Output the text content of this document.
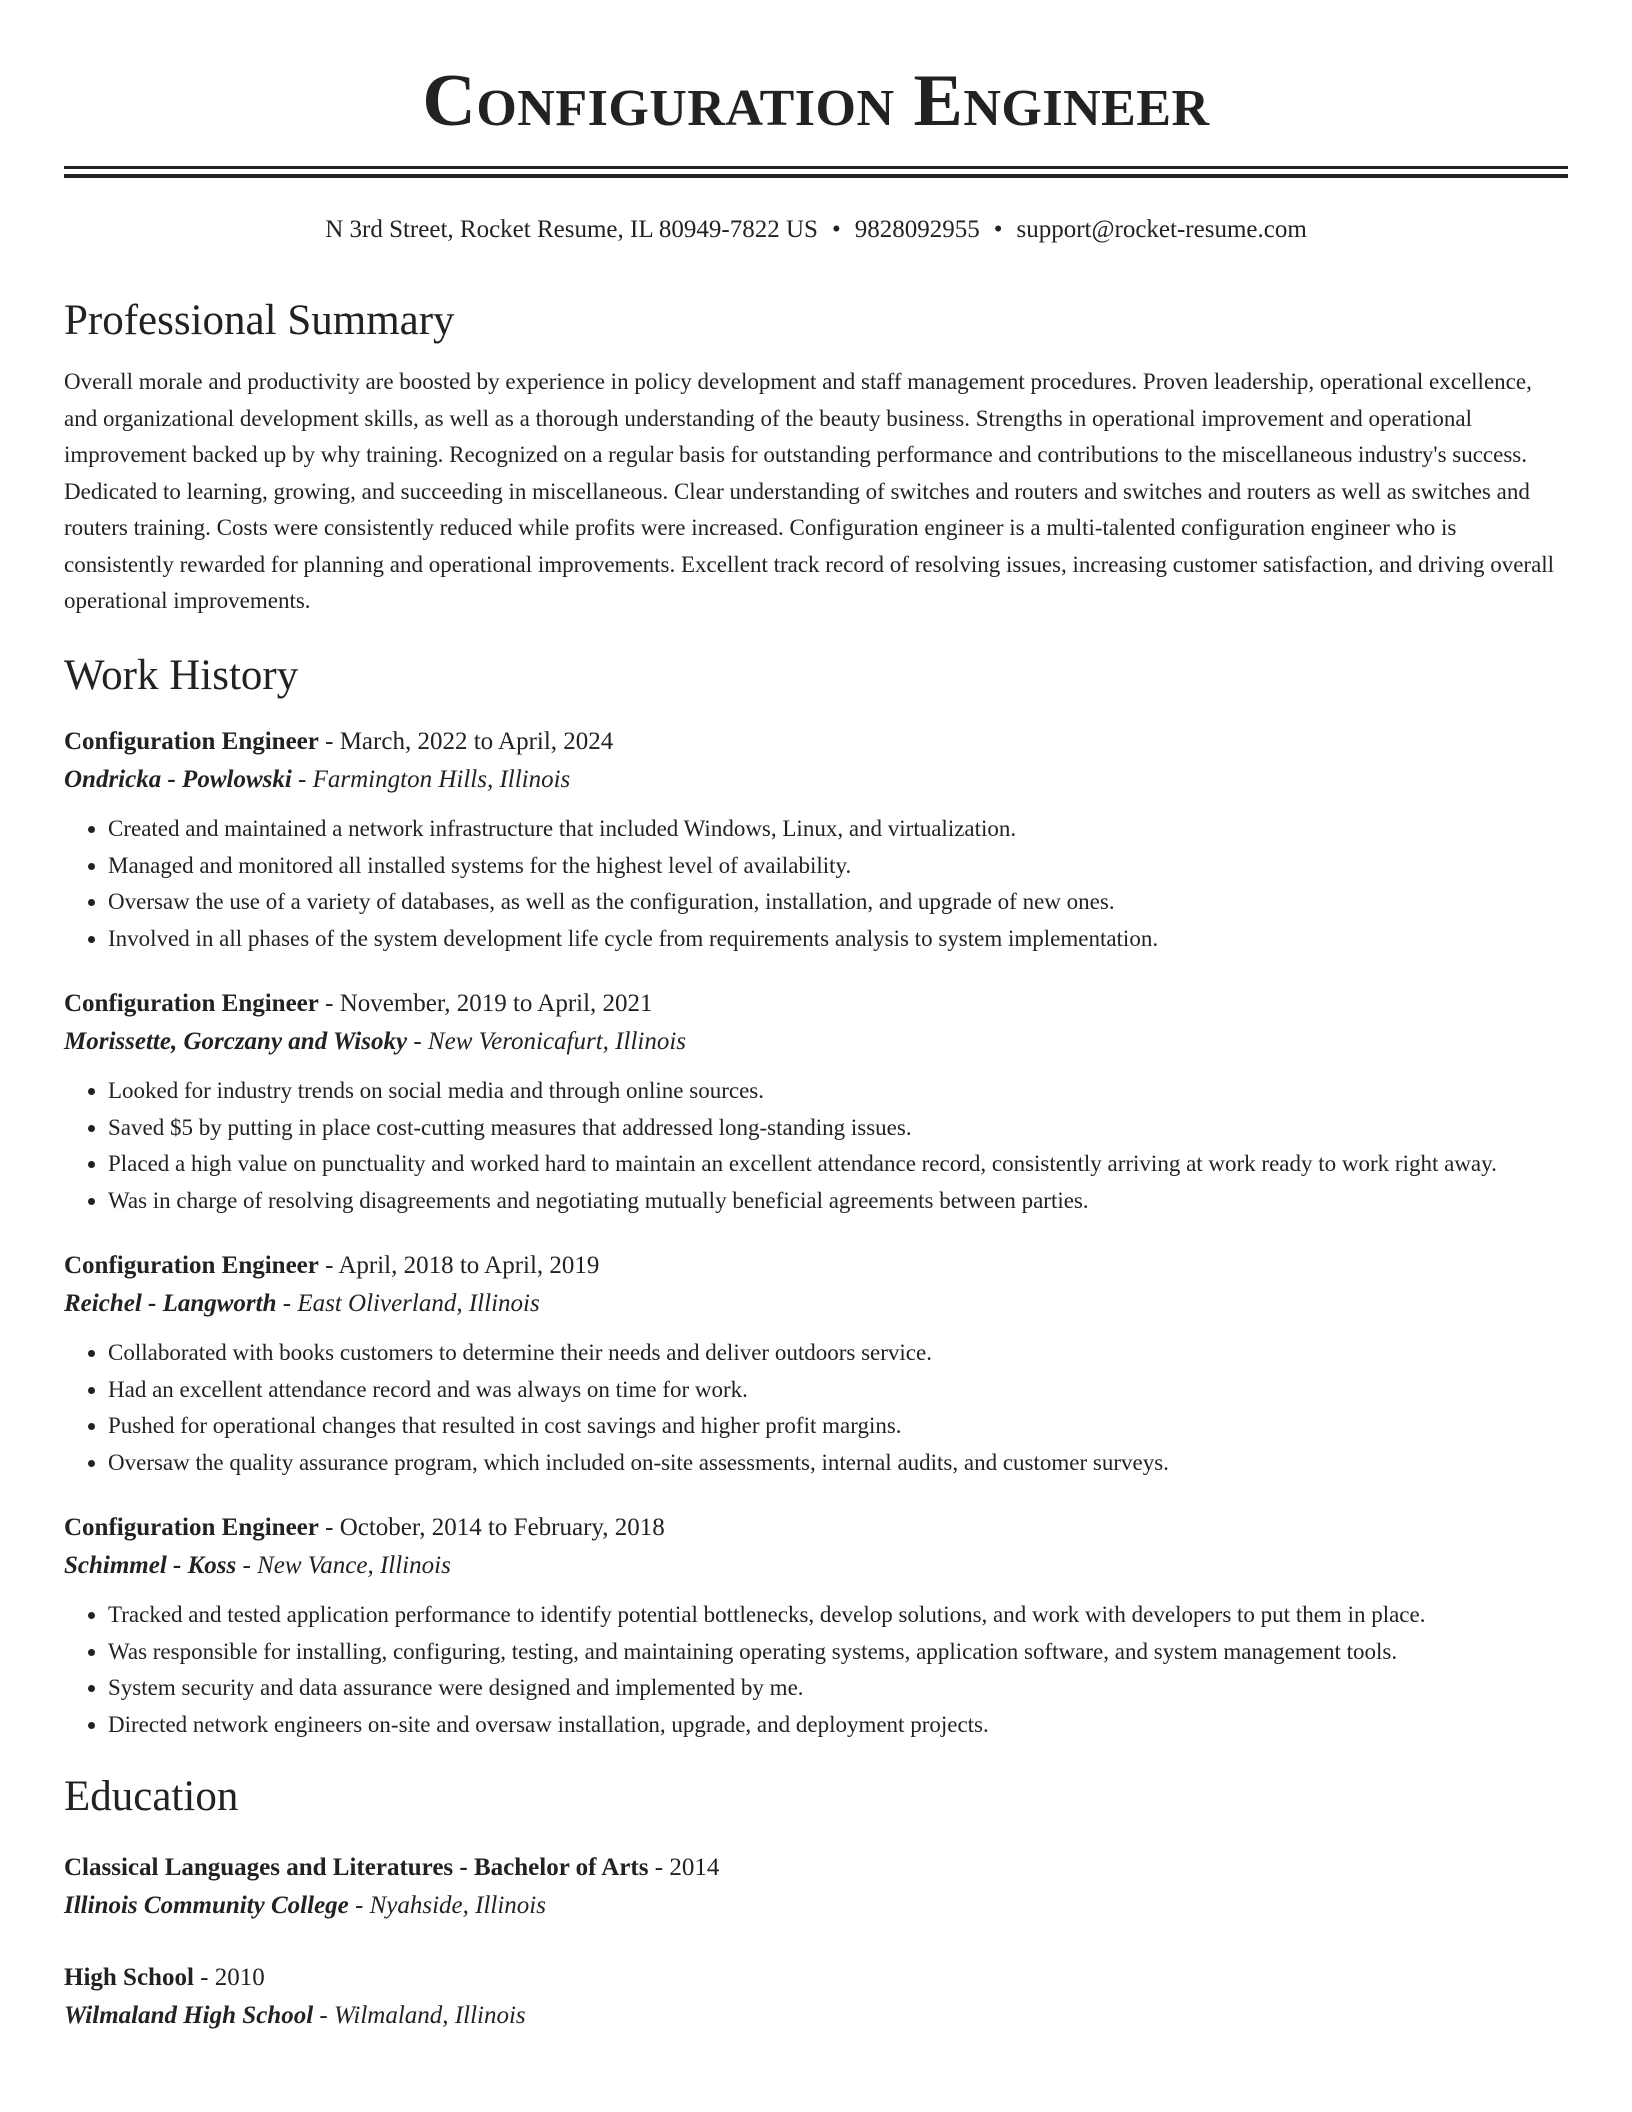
Configuration Engineer
N 3rd Street, Rocket Resume, IL 80949-7822 US • 9828092955 • support@rocket-resume.com
Professional Summary

Overall morale and productivity are boosted by experience in policy development and staff management procedures. Proven leadership, operational excellence, and organizational development skills, as well as a thorough understanding of the beauty business. Strengths in operational improvement and operational improvement backed up by why training. Recognized on a regular basis for outstanding performance and contributions to the miscellaneous industry's success. Dedicated to learning, growing, and succeeding in miscellaneous. Clear understanding of switches and routers and switches and routers as well as switches and routers training. Costs were consistently reduced while profits were increased. Configuration engineer is a multi-talented configuration engineer who is consistently rewarded for planning and operational improvements. Excellent track record of resolving issues, increasing customer satisfaction, and driving overall operational improvements.

Work History
Configuration Engineer - March, 2022 to April, 2024
Ondricka - Powlowski - Farmington Hills, Illinois
• Created and maintained a network infrastructure that included Windows, Linux, and virtualization.
• Managed and monitored all installed systems for the highest level of availability.
• Oversaw the use of a variety of databases, as well as the configuration, installation, and upgrade of new ones.
• Involved in all phases of the system development life cycle from requirements analysis to system implementation.
Configuration Engineer - November, 2019 to April, 2021
Morissette, Gorczany and Wisoky - New Veronicafurt, Illinois
• Looked for industry trends on social media and through online sources.
• Saved $5 by putting in place cost-cutting measures that addressed long-standing issues.
• Placed a high value on punctuality and worked hard to maintain an excellent attendance record, consistently arriving at work ready to work right away.
• Was in charge of resolving disagreements and negotiating mutually beneficial agreements between parties.
Configuration Engineer - April, 2018 to April, 2019
Reichel - Langworth - East Oliverland, Illinois
• Collaborated with books customers to determine their needs and deliver outdoors service.
• Had an excellent attendance record and was always on time for work.
• Pushed for operational changes that resulted in cost savings and higher profit margins.
• Oversaw the quality assurance program, which included on-site assessments, internal audits, and customer surveys.
Configuration Engineer - October, 2014 to February, 2018
Schimmel - Koss - New Vance, Illinois
• Tracked and tested application performance to identify potential bottlenecks, develop solutions, and work with developers to put them in place.
• Was responsible for installing, configuring, testing, and maintaining operating systems, application software, and system management tools.
• System security and data assurance were designed and implemented by me.
• Directed network engineers on-site and oversaw installation, upgrade, and deployment projects.
Education
Classical Languages and Literatures - Bachelor of Arts - 2014
Illinois Community College - Nyahside, Illinois
High School - 2010
Wilmaland High School - Wilmaland, Illinois
